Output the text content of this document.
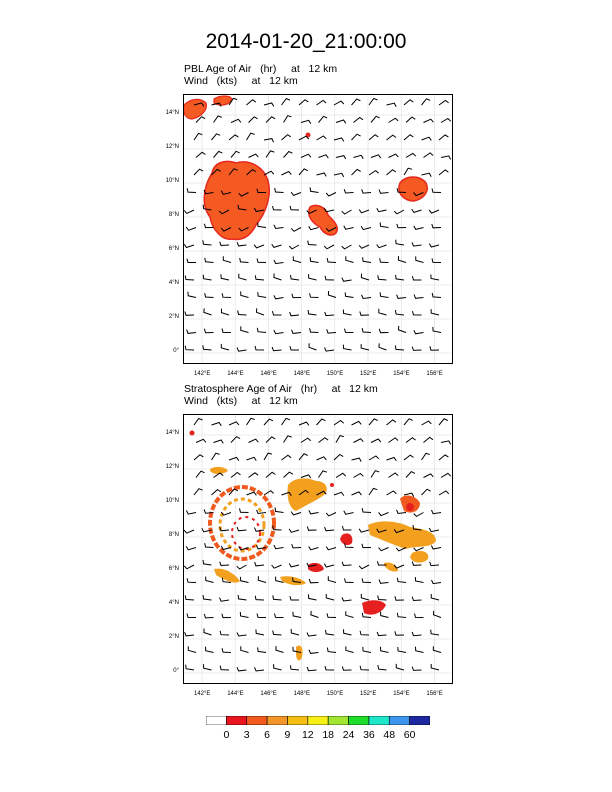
2014-01-20_21:00:00
PBL Age of Air   (hr)     at   12 km
Wind   (kts)     at   12 km
Stratosphere Age of Air   (hr)     at   12 km
Wind   (kts)     at   12 km
14°N
12°N
10°N
8°N
6°N
4°N
2°N
0°
14°N
12°N
10°N
8°N
6°N
4°N
2°N
0°
142°E	144°E	146°E	148°E	150°E	152°E	154°E	156°E
142°E	144°E	146°E	148°E	150°E	152°E	154°E	156°E
0 3 6 9 12 18 24 36 48 60
